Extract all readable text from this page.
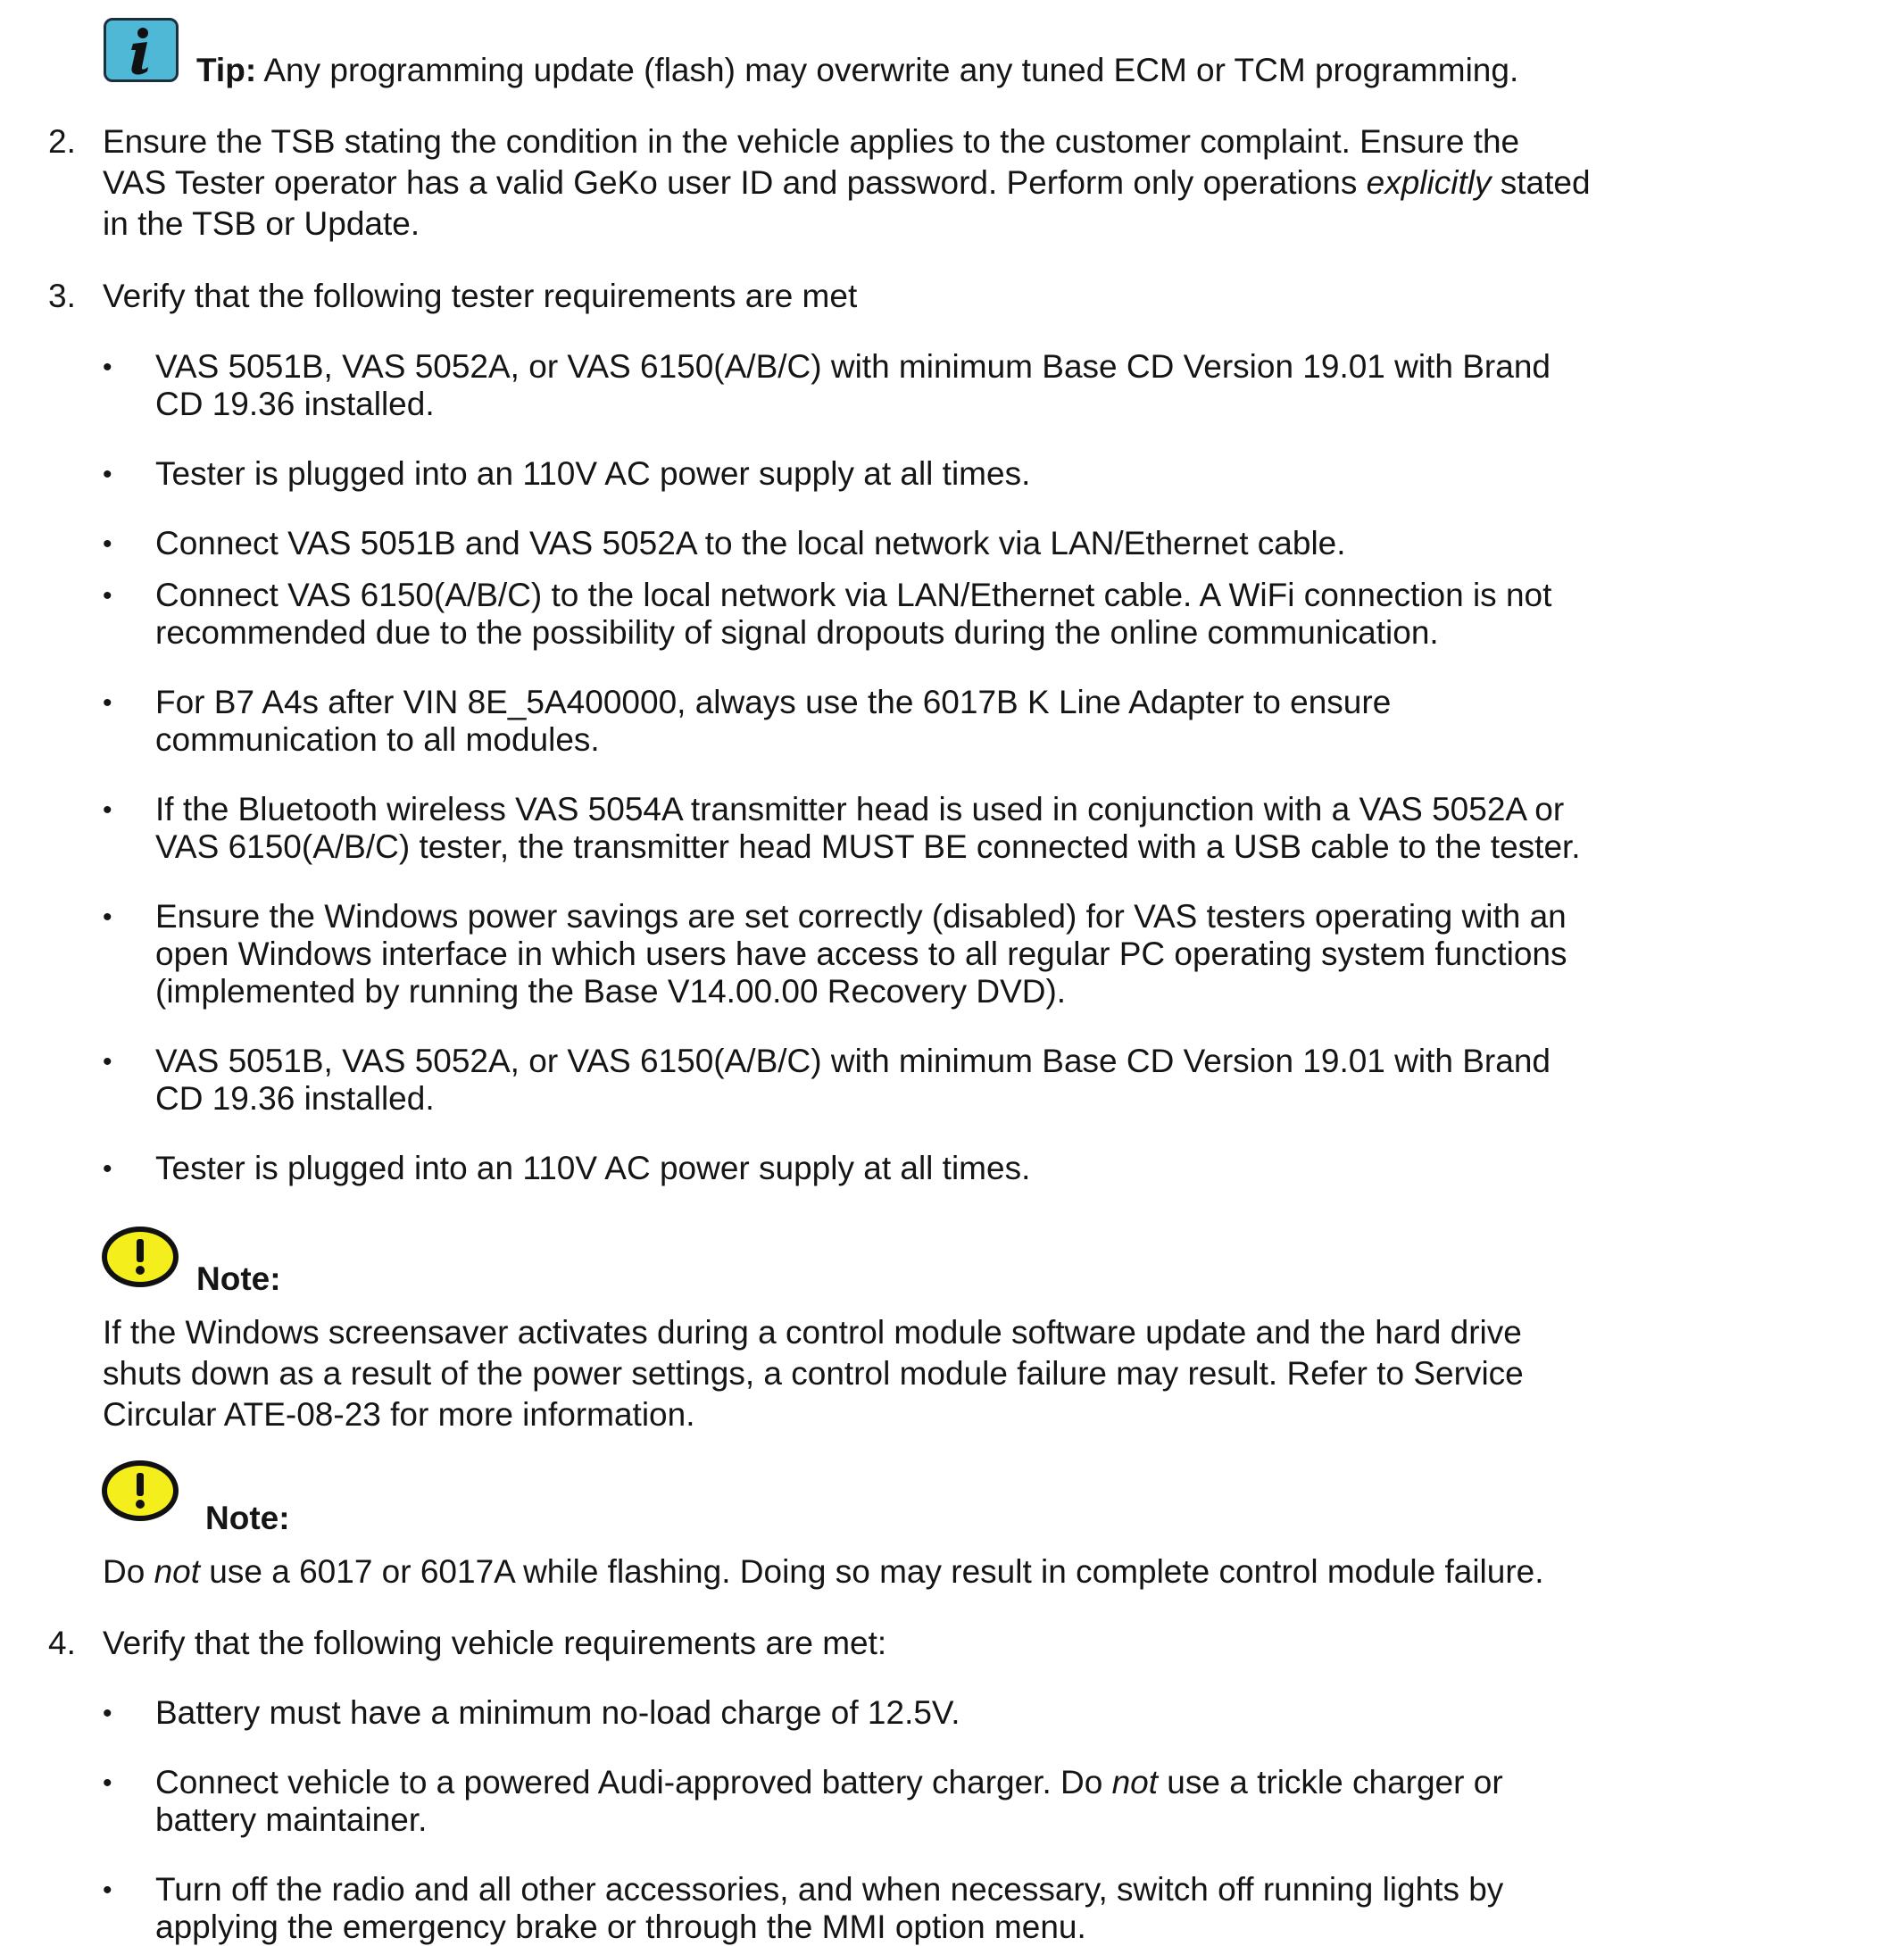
Tip: Any programming update (flash) may overwrite any tuned ECM or TCM programming.
2. Ensure the TSB stating the condition in the vehicle applies to the customer complaint. Ensure the
VAS Tester operator has a valid GeKo user ID and password. Perform only operations explicitly stated
in the TSB or Update.
3. Verify that the following tester requirements are met
• VAS 5051B, VAS 5052A, or VAS 6150(A/B/C) with minimum Base CD Version 19.01 with Brand
CD 19.36 installed.
• Tester is plugged into an 110V AC power supply at all times.
• Connect VAS 5051B and VAS 5052A to the local network via LAN/Ethernet cable.
• Connect VAS 6150(A/B/C) to the local network via LAN/Ethernet cable. A WiFi connection is not
recommended due to the possibility of signal dropouts during the online communication.
• For B7 A4s after VIN 8E_5A400000, always use the 6017B K Line Adapter to ensure
communication to all modules.
• If the Bluetooth wireless VAS 5054A transmitter head is used in conjunction with a VAS 5052A or
VAS 6150(A/B/C) tester, the transmitter head MUST BE connected with a USB cable to the tester.
• Ensure the Windows power savings are set correctly (disabled) for VAS testers operating with an
open Windows interface in which users have access to all regular PC operating system functions
(implemented by running the Base V14.00.00 Recovery DVD).
• VAS 5051B, VAS 5052A, or VAS 6150(A/B/C) with minimum Base CD Version 19.01 with Brand
CD 19.36 installed.
• Tester is plugged into an 110V AC power supply at all times.
Note:
If the Windows screensaver activates during a control module software update and the hard drive
shuts down as a result of the power settings, a control module failure may result. Refer to Service
Circular ATE-08-23 for more information.
Note:
Do not use a 6017 or 6017A while flashing. Doing so may result in complete control module failure.
4. Verify that the following vehicle requirements are met:
• Battery must have a minimum no-load charge of 12.5V.
• Connect vehicle to a powered Audi-approved battery charger. Do not use a trickle charger or
battery maintainer.
• Turn off the radio and all other accessories, and when necessary, switch off running lights by
applying the emergency brake or through the MMI option menu.
